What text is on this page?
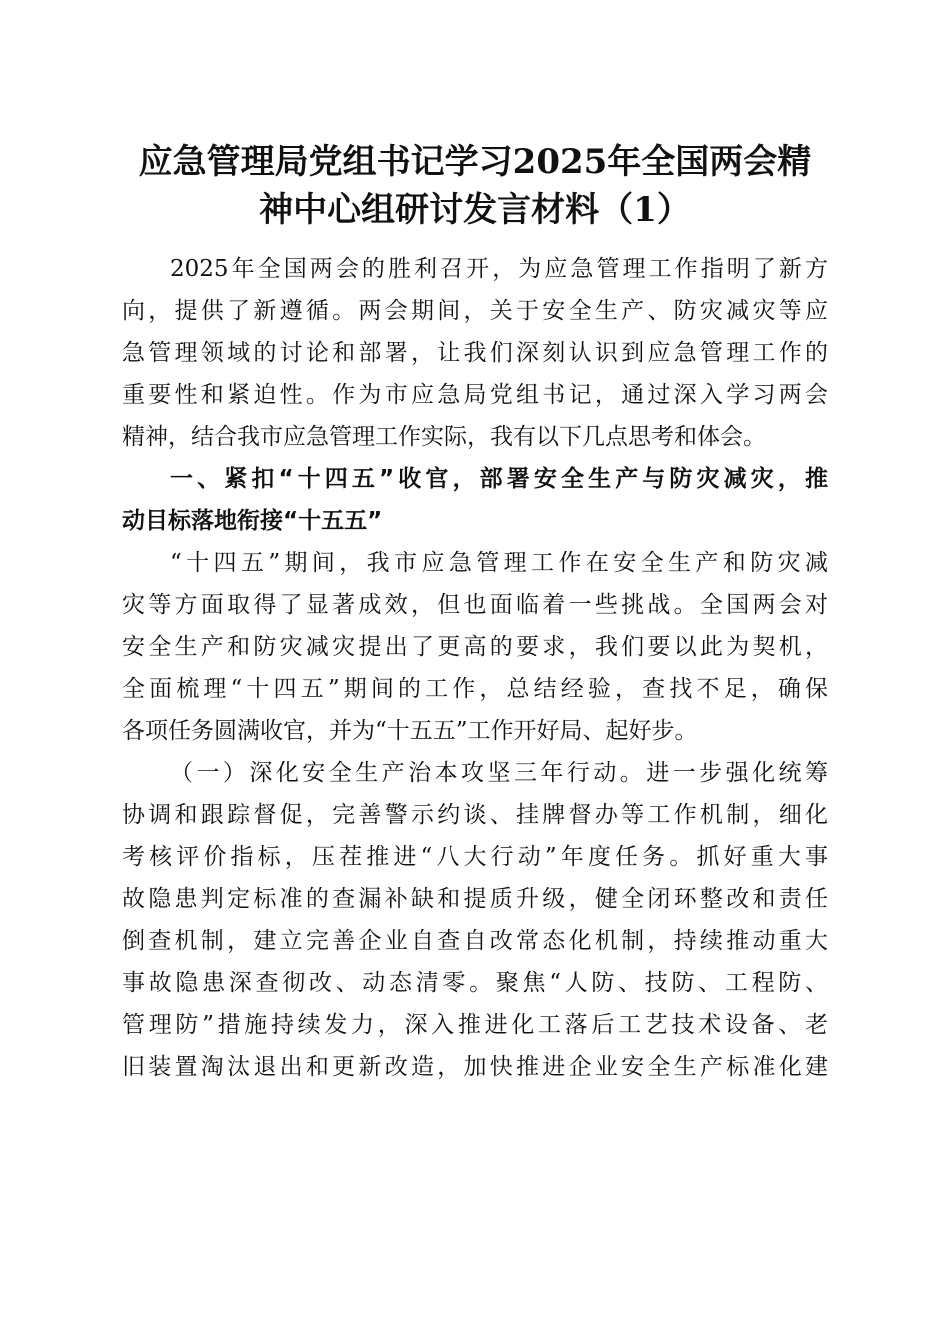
应急管理局党组书记学习2025年全国两会精
神中心组研讨发言材料（1）
2025年全国两会的胜利召开，为应急管理工作指明了新方
向，提供了新遵循。两会期间，关于安全生产、防灾减灾等应
急管理领域的讨论和部署，让我们深刻认识到应急管理工作的
重要性和紧迫性。作为市应急局党组书记，通过深入学习两会
精神，结合我市应急管理工作实际，我有以下几点思考和体会。
一、紧扣“十四五”收官，部署安全生产与防灾减灾，推
动目标落地衔接“十五五”
“十四五”期间，我市应急管理工作在安全生产和防灾减
灾等方面取得了显著成效，但也面临着一些挑战。全国两会对
安全生产和防灾减灾提出了更高的要求，我们要以此为契机，
全面梳理“十四五”期间的工作，总结经验，查找不足，确保
各项任务圆满收官，并为“十五五”工作开好局、起好步。
（一）深化安全生产治本攻坚三年行动。进一步强化统筹
协调和跟踪督促，完善警示约谈、挂牌督办等工作机制，细化
考核评价指标，压茬推进“八大行动”年度任务。抓好重大事
故隐患判定标准的查漏补缺和提质升级，健全闭环整改和责任
倒查机制，建立完善企业自查自改常态化机制，持续推动重大
事故隐患深查彻改、动态清零。聚焦“人防、技防、工程防、
管理防”措施持续发力，深入推进化工落后工艺技术设备、老
旧装置淘汰退出和更新改造，加快推进企业安全生产标准化建
